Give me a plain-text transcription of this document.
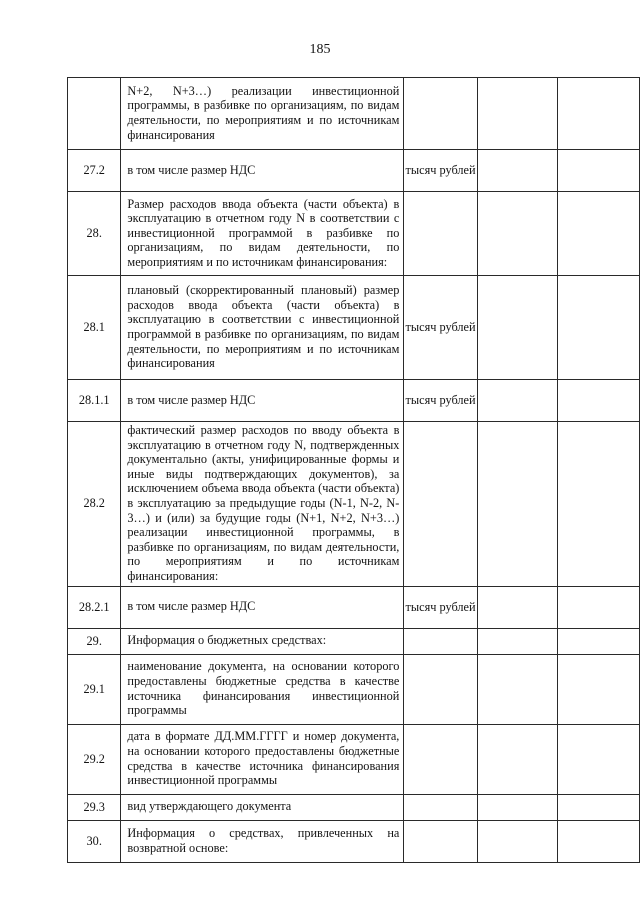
185
	N+2, N+3…) реализации инвестиционной программы, в разбивке по организациям, по видам деятельности, по мероприятиям и по источникам финансирования			
27.2	в том числе размер НДС	тысяч рублей		
28.	Размер расходов ввода объекта (части объекта) в эксплуатацию в отчетном году N в соответствии с инвестиционной программой в разбивке по организациям, по видам деятельности, по мероприятиям и по источникам финансирования:			
28.1	плановый (скорректированный плановый) размер расходов ввода объекта (части объекта) в эксплуатацию в соответствии с инвестиционной программой в разбивке по организациям, по видам деятельности, по мероприятиям и по источникам финансирования	тысяч рублей		
28.1.1	в том числе размер НДС	тысяч рублей		
28.2	фактический размер расходов по вводу объекта в эксплуатацию в отчетном году N, подтвержденных документально (акты, унифицированные формы и иные виды подтверждающих документов), за исключением объема ввода объекта (части объекта) в эксплуатацию за предыдущие годы (N-1, N-2, N-3…) и (или) за будущие годы (N+1, N+2, N+3…) реализации инвестиционной программы, в разбивке по организациям, по видам деятельности, по мероприятиям и по источникам финансирования:			
28.2.1	в том числе размер НДС	тысяч рублей		
29.	Информация о бюджетных средствах:			
29.1	наименование документа, на основании которого предоставлены бюджетные средства в качестве источника финансирования инвестиционной программы			
29.2	дата в формате ДД.ММ.ГГГГ и номер документа, на основании которого предоставлены бюджетные средства в качестве источника финансирования инвестиционной программы			
29.3	вид утверждающего документа			
30.	Информация о средствах, привлеченных на возвратной основе:			
